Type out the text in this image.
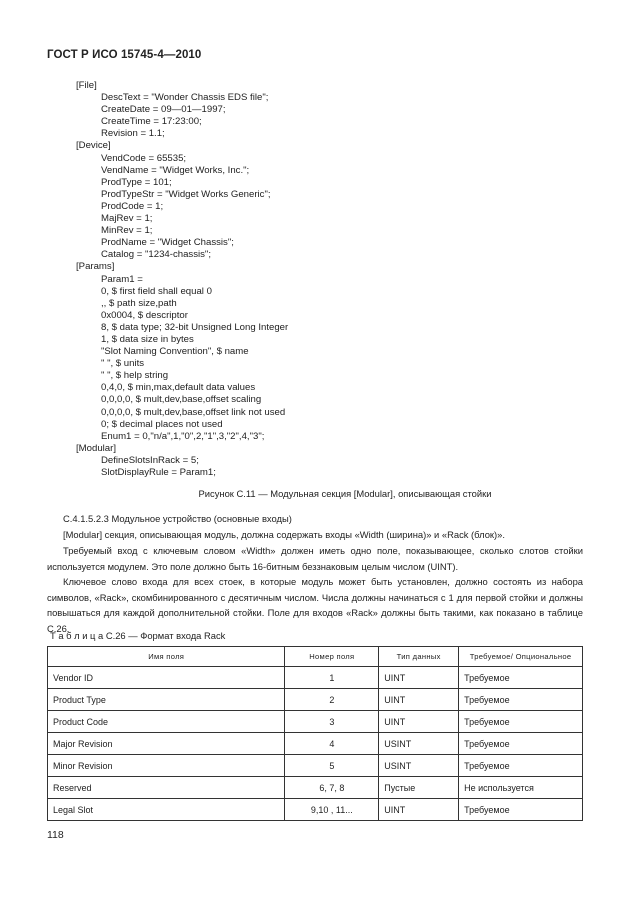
ГОСТ Р ИСО 15745-4—2010
[File]
DescText = "Wonder Chassis EDS file";
CreateDate = 09—01—1997;
CreateTime = 17:23:00;
Revision = 1.1;
[Device]
VendCode = 65535;
VendName = "Widget Works, Inc.";
ProdType = 101;
ProdTypeStr = "Widget Works Generic";
ProdCode = 1;
MajRev = 1;
MinRev = 1;
ProdName = "Widget Chassis";
Catalog = "1234-chassis";
[Params]
Param1 =
0, $ first field shall equal 0
,, $ path size,path
0x0004, $ descriptor
8, $ data type; 32-bit Unsigned Long Integer
1, $ data size in bytes
"Slot Naming Convention", $ name
" ", $ units
" ", $ help string
0,4,0, $ min,max,default data values
0,0,0,0, $ mult,dev,base,offset scaling
0,0,0,0, $ mult,dev,base,offset link not used
0; $ decimal places not used
Enum1 = 0,"n/a",1,"0",2,"1",3,"2",4,"3";
[Modular]
DefineSlotsInRack = 5;
SlotDisplayRule = Param1;
Рисунок С.11 — Модульная секция [Modular], описывающая стойки
С.4.1.5.2.3 Модульное устройство (основные входы)
[Modular] секция, описывающая модуль, должна содержать входы «Width (ширина)» и «Rack (блок)».
Требуемый вход с ключевым словом «Width» должен иметь одно поле, показывающее, сколько слотов стойки используется модулем. Это поле должно быть 16-битным беззнаковым целым числом (UINT).
Ключевое слово входа для всех стоек, в которые модуль может быть установлен, должно состоять из набора символов, «Rack», скомбинированного с десятичным числом. Числа должны начинаться с 1 для первой стойки и должны повышаться для каждой дополнительной стойки. Поле для входов «Rack» должны быть такими, как показано в таблице С.26.
Т а б л и ц а С.26 — Формат входа Rack
Имя поля	Номер поля	Тип данных	Требуемое/ Опциональное
Vendor ID	1	UINT	Требуемое
Product Type	2	UINT	Требуемое
Product Code	3	UINT	Требуемое
Major Revision	4	USINT	Требуемое
Minor Revision	5	USINT	Требуемое
Reserved	6, 7, 8	Пустые	Не используется
Legal Slot	9,10 , 11...	UINT	Требуемое
118
